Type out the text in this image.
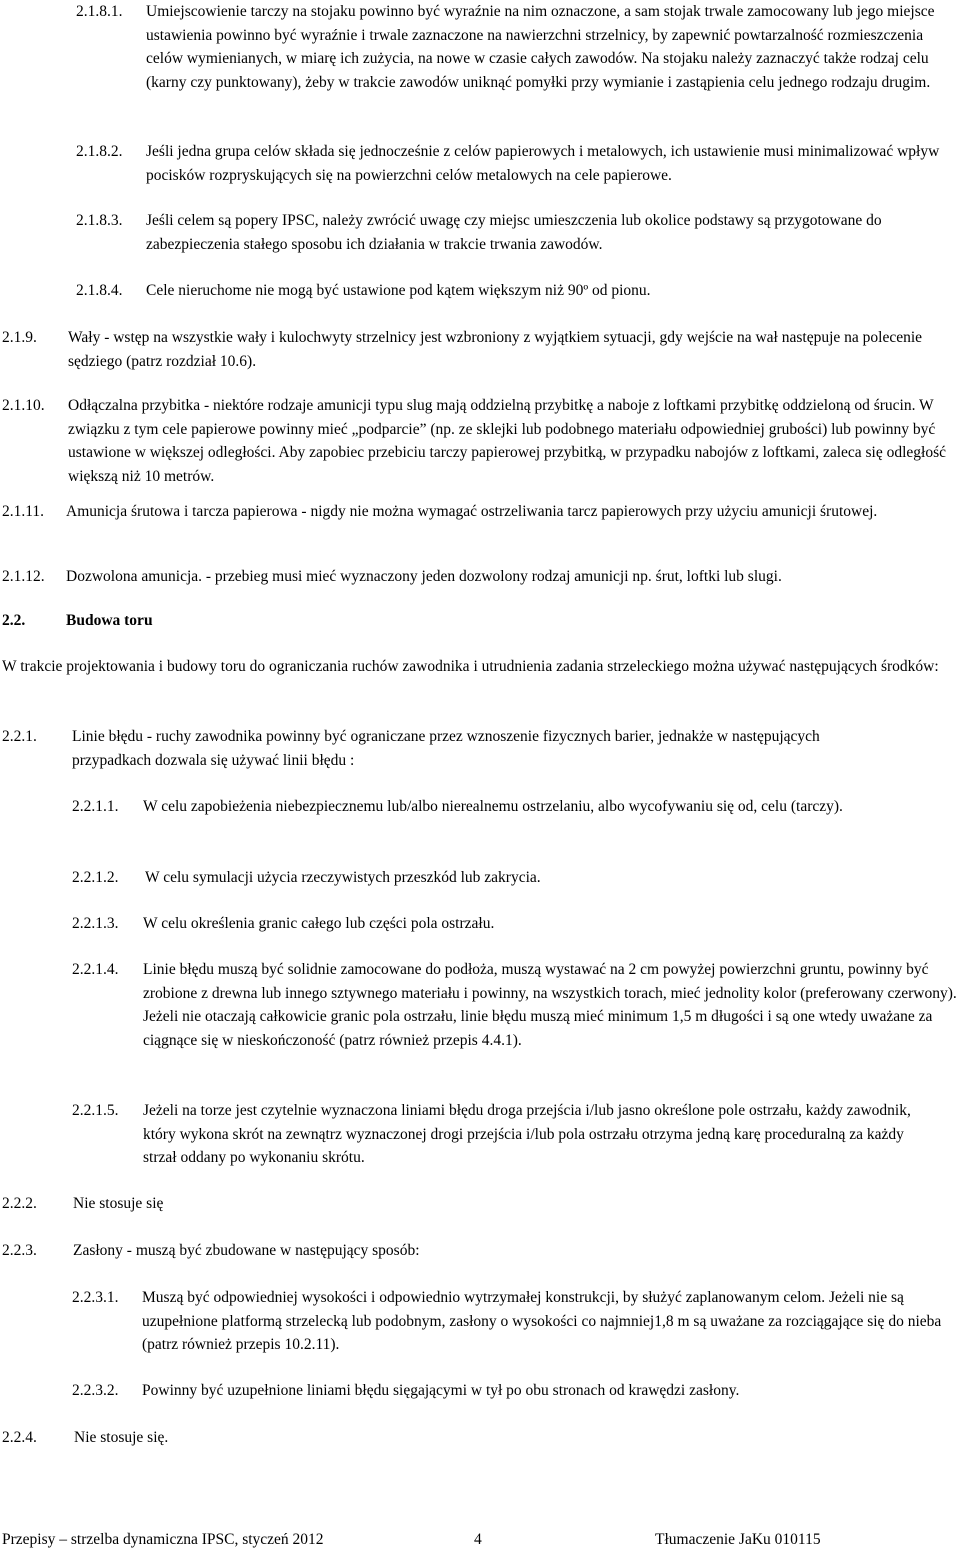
2.1.8.1. Umiejscowienie tarczy na stojaku powinno być wyraźnie na nim oznaczone, a sam stojak trwale zamocowany lub jego miejsce ustawienia powinno być wyraźnie i trwale zaznaczone na nawierzchni strzelnicy, by zapewnić powtarzalność rozmieszczenia celów wymienianych, w miarę ich zużycia, na nowe w czasie całych zawodów. Na stojaku należy zaznaczyć także rodzaj celu (karny czy punktowany), żeby w trakcie zawodów uniknąć pomyłki przy wymianie i zastąpienia celu jednego rodzaju drugim.
2.1.8.2. Jeśli jedna grupa celów składa się jednocześnie z celów papierowych i metalowych, ich ustawienie musi minimalizować wpływ pocisków rozpryskujących się na powierzchni celów metalowych na cele papierowe.
2.1.8.3. Jeśli celem są popery IPSC, należy zwrócić uwagę czy miejsc umieszczenia lub okolice podstawy są przygotowane do zabezpieczenia stałego sposobu ich działania w trakcie trwania zawodów.
2.1.8.4. Cele nieruchome nie mogą być ustawione pod kątem większym niż 90º od pionu.
2.1.9. Wały - wstęp na wszystkie wały i kulochwyty strzelnicy jest wzbroniony z wyjątkiem sytuacji, gdy wejście na wał następuje na polecenie sędziego (patrz rozdział 10.6).
2.1.10. Odłączalna przybitka - niektóre rodzaje amunicji typu slug mają oddzielną przybitkę a naboje z loftkami przybitkę oddzieloną od śrucin. W związku z tym cele papierowe powinny mieć „podparcie” (np. ze sklejki lub podobnego materiału odpowiedniej grubości) lub powinny być ustawione w większej odległości. Aby zapobiec przebiciu tarczy papierowej przybitką, w przypadku nabojów z loftkami, zaleca się odległość większą niż 10 metrów.
2.1.11. Amunicja śrutowa i tarcza papierowa - nigdy nie można wymagać ostrzeliwania tarcz papierowych przy użyciu amunicji śrutowej.
2.1.12. Dozwolona amunicja. - przebieg musi mieć wyznaczony jeden dozwolony rodzaj amunicji np. śrut, loftki lub slugi.
2.2.	Budowa toru
W trakcie projektowania i budowy toru do ograniczania ruchów zawodnika i utrudnienia zadania strzeleckiego można używać następujących środków:
2.2.1. Linie błędu - ruchy zawodnika powinny być ograniczane przez wznoszenie fizycznych barier, jednakże w następujących przypadkach dozwala się używać linii błędu :
2.2.1.1. W celu zapobieżenia niebezpiecznemu lub/albo nierealnemu ostrzelaniu, albo wycofywaniu się od, celu (tarczy).
2.2.1.2. W celu symulacji użycia rzeczywistych przeszkód lub zakrycia.
2.2.1.3. W celu określenia granic całego lub części pola ostrzału.
2.2.1.4. Linie błędu muszą być solidnie zamocowane do podłoża, muszą wystawać na 2 cm powyżej powierzchni gruntu, powinny być zrobione z drewna lub innego sztywnego materiału i powinny, na wszystkich torach, mieć jednolity kolor (preferowany czerwony). Jeżeli nie otaczają całkowicie granic pola ostrzału, linie błędu muszą mieć minimum 1,5 m długości i są one wtedy uważane za ciągnące się w nieskończoność (patrz również przepis 4.4.1).
2.2.1.5. Jeżeli na torze jest czytelnie wyznaczona liniami błędu droga przejścia i/lub jasno określone pole ostrzału, każdy zawodnik, który wykona skrót na zewnątrz wyznaczonej drogi przejścia i/lub pola ostrzału otrzyma jedną karę proceduralną za każdy strzał oddany po wykonaniu skrótu.
2.2.2. Nie stosuje się
2.2.3. Zasłony - muszą być zbudowane w następujący sposób:
2.2.3.1. Muszą być odpowiedniej wysokości i odpowiednio wytrzymałej konstrukcji, by służyć zaplanowanym celom. Jeżeli nie są uzupełnione platformą strzelecką lub podobnym, zasłony o wysokości co najmniej1,8 m są uważane za rozciągające się do nieba (patrz również przepis 10.2.11).
2.2.3.2. Powinny być uzupełnione liniami błędu sięgającymi w tył po obu stronach od krawędzi zasłony.
2.2.4. Nie stosuje się.
Przepisy – strzelba dynamiczna IPSC, styczeń 2012	4	Tłumaczenie JaKu 010115
